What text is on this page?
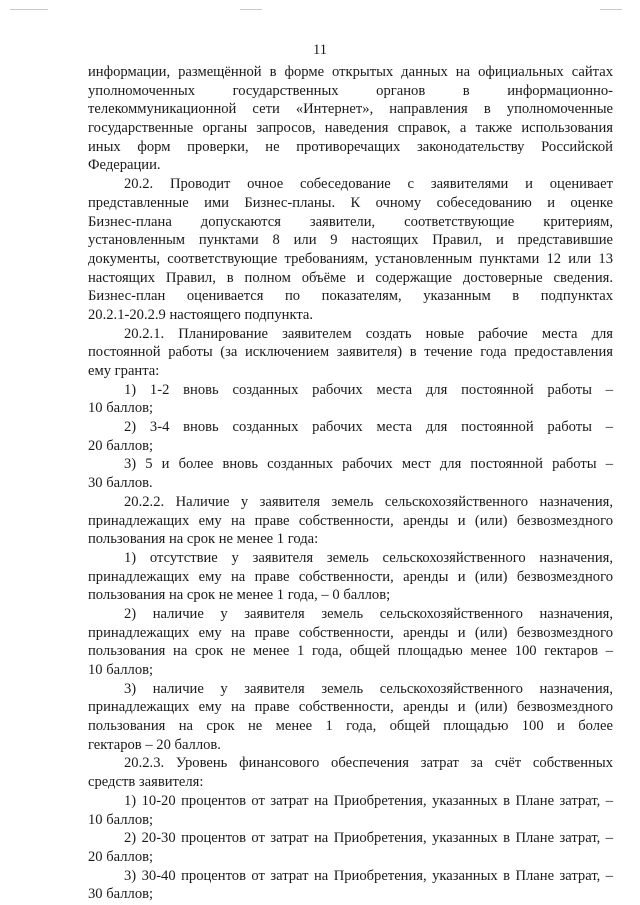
11
информации, размещённой в форме открытых данных на официальных сайтах
уполномоченных государственных органов в информационно-
телекоммуникационной сети «Интернет», направления в уполномоченные
государственные органы запросов, наведения справок, а также использования
иных форм проверки, не противоречащих законодательству Российской
Федерации.
20.2. Проводит очное собеседование с заявителями и оценивает
представленные ими Бизнес-планы. К очному собеседованию и оценке
Бизнес-плана допускаются заявители, соответствующие критериям,
установленным пунктами 8 или 9 настоящих Правил, и представившие
документы, соответствующие требованиям, установленным пунктами 12 или 13
настоящих Правил, в полном объёме и содержащие достоверные сведения.
Бизнес-план оценивается по показателям, указанным в подпунктах
20.2.1-20.2.9 настоящего подпункта.
20.2.1. Планирование заявителем создать новые рабочие места для
постоянной работы (за исключением заявителя) в течение года предоставления
ему гранта:
1) 1-2 вновь созданных рабочих места для постоянной работы –
10 баллов;
2) 3-4 вновь созданных рабочих места для постоянной работы –
20 баллов;
3) 5 и более вновь созданных рабочих мест для постоянной работы –
30 баллов.
20.2.2. Наличие у заявителя земель сельскохозяйственного назначения,
принадлежащих ему на праве собственности, аренды и (или) безвозмездного
пользования на срок не менее 1 года:
1) отсутствие у заявителя земель сельскохозяйственного назначения,
принадлежащих ему на праве собственности, аренды и (или) безвозмездного
пользования на срок не менее 1 года, – 0 баллов;
2) наличие у заявителя земель сельскохозяйственного назначения,
принадлежащих ему на праве собственности, аренды и (или) безвозмездного
пользования на срок не менее 1 года, общей площадью менее 100 гектаров –
10 баллов;
3) наличие у заявителя земель сельскохозяйственного назначения,
принадлежащих ему на праве собственности, аренды и (или) безвозмездного
пользования на срок не менее 1 года, общей площадью 100 и более
гектаров – 20 баллов.
20.2.3. Уровень финансового обеспечения затрат за счёт собственных
средств заявителя:
1) 10-20 процентов от затрат на Приобретения, указанных в Плане затрат, –
10 баллов;
2) 20-30 процентов от затрат на Приобретения, указанных в Плане затрат, –
20 баллов;
3) 30-40 процентов от затрат на Приобретения, указанных в Плане затрат, –
30 баллов;
